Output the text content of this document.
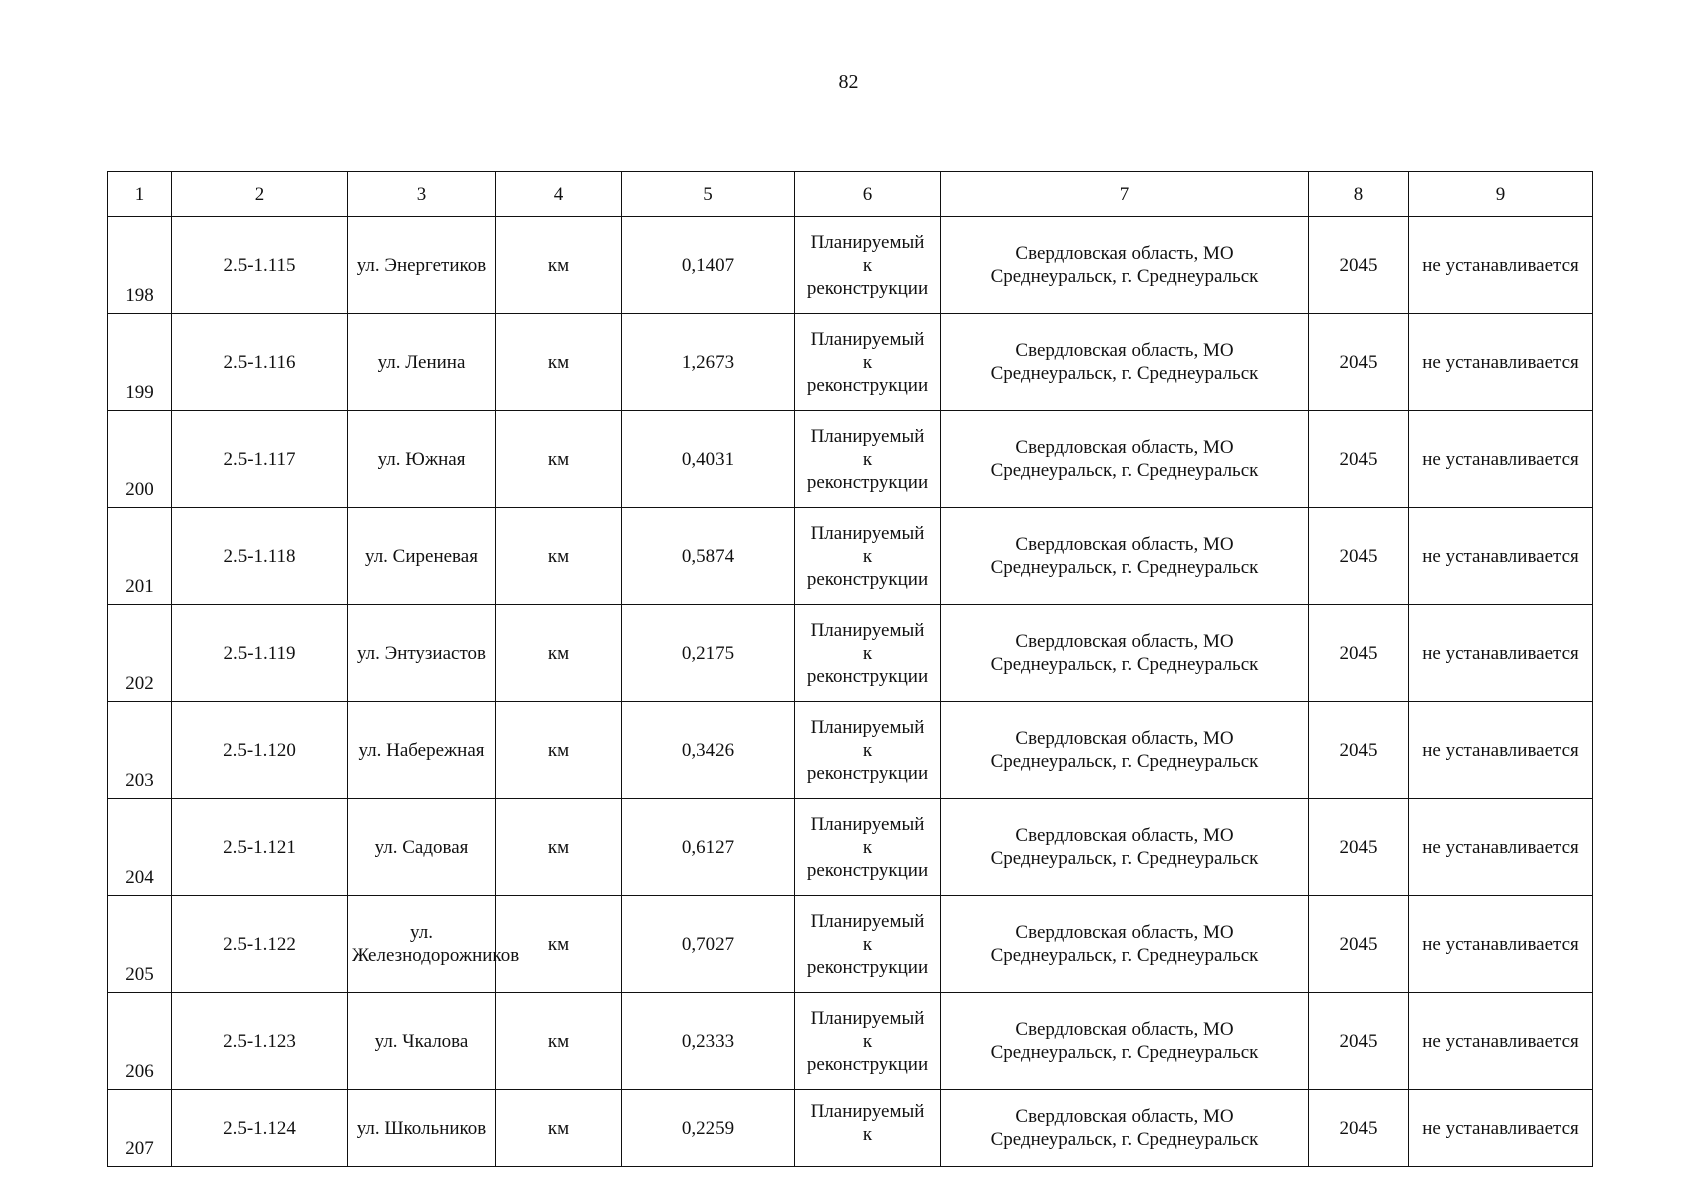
82
1	2	3	4	5	6	7	8	9
198	2.5-1.115	ул. Энергетиков	км	0,1407	Планируемый
к
реконструкции	Свердловская область, МО
Среднеуральск, г. Среднеуральск	2045	не устанавливается
199	2.5-1.116	ул. Ленина	км	1,2673	Планируемый
к
реконструкции	Свердловская область, МО
Среднеуральск, г. Среднеуральск	2045	не устанавливается
200	2.5-1.117	ул. Южная	км	0,4031	Планируемый
к
реконструкции	Свердловская область, МО
Среднеуральск, г. Среднеуральск	2045	не устанавливается
201	2.5-1.118	ул. Сиреневая	км	0,5874	Планируемый
к
реконструкции	Свердловская область, МО
Среднеуральск, г. Среднеуральск	2045	не устанавливается
202	2.5-1.119	ул. Энтузиастов	км	0,2175	Планируемый
к
реконструкции	Свердловская область, МО
Среднеуральск, г. Среднеуральск	2045	не устанавливается
203	2.5-1.120	ул. Набережная	км	0,3426	Планируемый
к
реконструкции	Свердловская область, МО
Среднеуральск, г. Среднеуральск	2045	не устанавливается
204	2.5-1.121	ул. Садовая	км	0,6127	Планируемый
к
реконструкции	Свердловская область, МО
Среднеуральск, г. Среднеуральск	2045	не устанавливается
205	2.5-1.122	ул. Железнодорожников	км	0,7027	Планируемый
к
реконструкции	Свердловская область, МО
Среднеуральск, г. Среднеуральск	2045	не устанавливается
206	2.5-1.123	ул. Чкалова	км	0,2333	Планируемый
к
реконструкции	Свердловская область, МО
Среднеуральск, г. Среднеуральск	2045	не устанавливается
207	2.5-1.124	ул. Школьников	км	0,2259	Планируемый
к	Свердловская область, МО
Среднеуральск, г. Среднеуральск	2045	не устанавливается
